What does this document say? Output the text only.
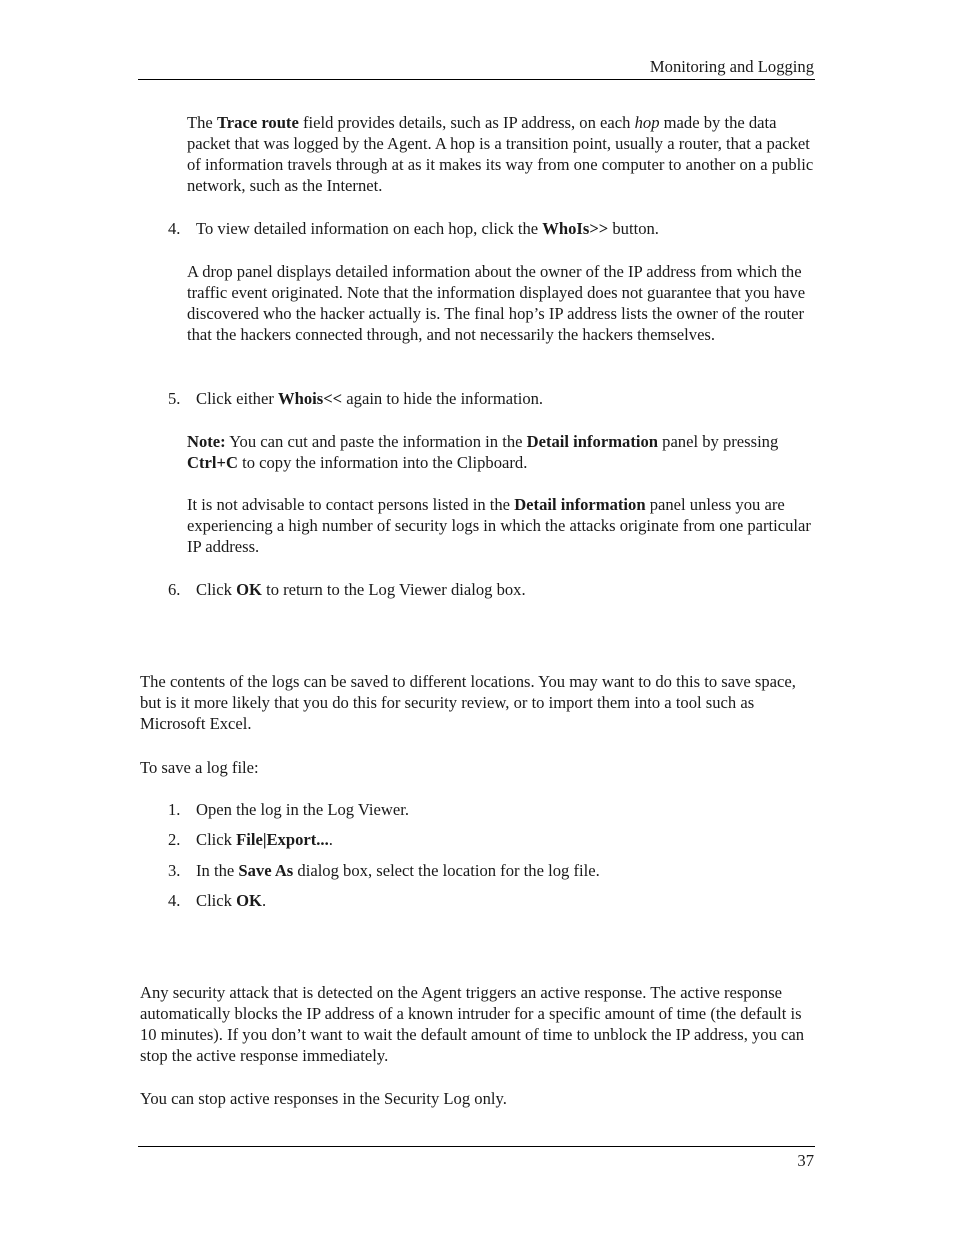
Monitoring and Logging

The Trace route field provides details, such as IP address, on each hop made by the data packet that was logged by the Agent. A hop is a transition point, usually a router, that a packet of information travels through at as it makes its way from one computer to another on a public network, such as the Internet.

4. To view detailed information on each hop, click the WhoIs>> button.

A drop panel displays detailed information about the owner of the IP address from which the traffic event originated. Note that the information displayed does not guarantee that you have discovered who the hacker actually is. The final hop’s IP address lists the owner of the router that the hackers connected through, and not necessarily the hackers themselves.

5. Click either Whois<< again to hide the information.

Note: You can cut and paste the information in the Detail information panel by pressing Ctrl+C to copy the information into the Clipboard.

It is not advisable to contact persons listed in the Detail information panel unless you are experiencing a high number of security logs in which the attacks originate from one particular IP address.

6. Click OK to return to the Log Viewer dialog box.

The contents of the logs can be saved to different locations. You may want to do this to save space, but is it more likely that you do this for security review, or to import them into a tool such as Microsoft Excel.

To save a log file:

1. Open the log in the Log Viewer.

2. Click File|Export....

3. In the Save As dialog box, select the location for the log file.

4. Click OK.

Any security attack that is detected on the Agent triggers an active response. The active response automatically blocks the IP address of a known intruder for a specific amount of time (the default is 10 minutes). If you don’t want to wait the default amount of time to unblock the IP address, you can stop the active response immediately.

You can stop active responses in the Security Log only.

37
